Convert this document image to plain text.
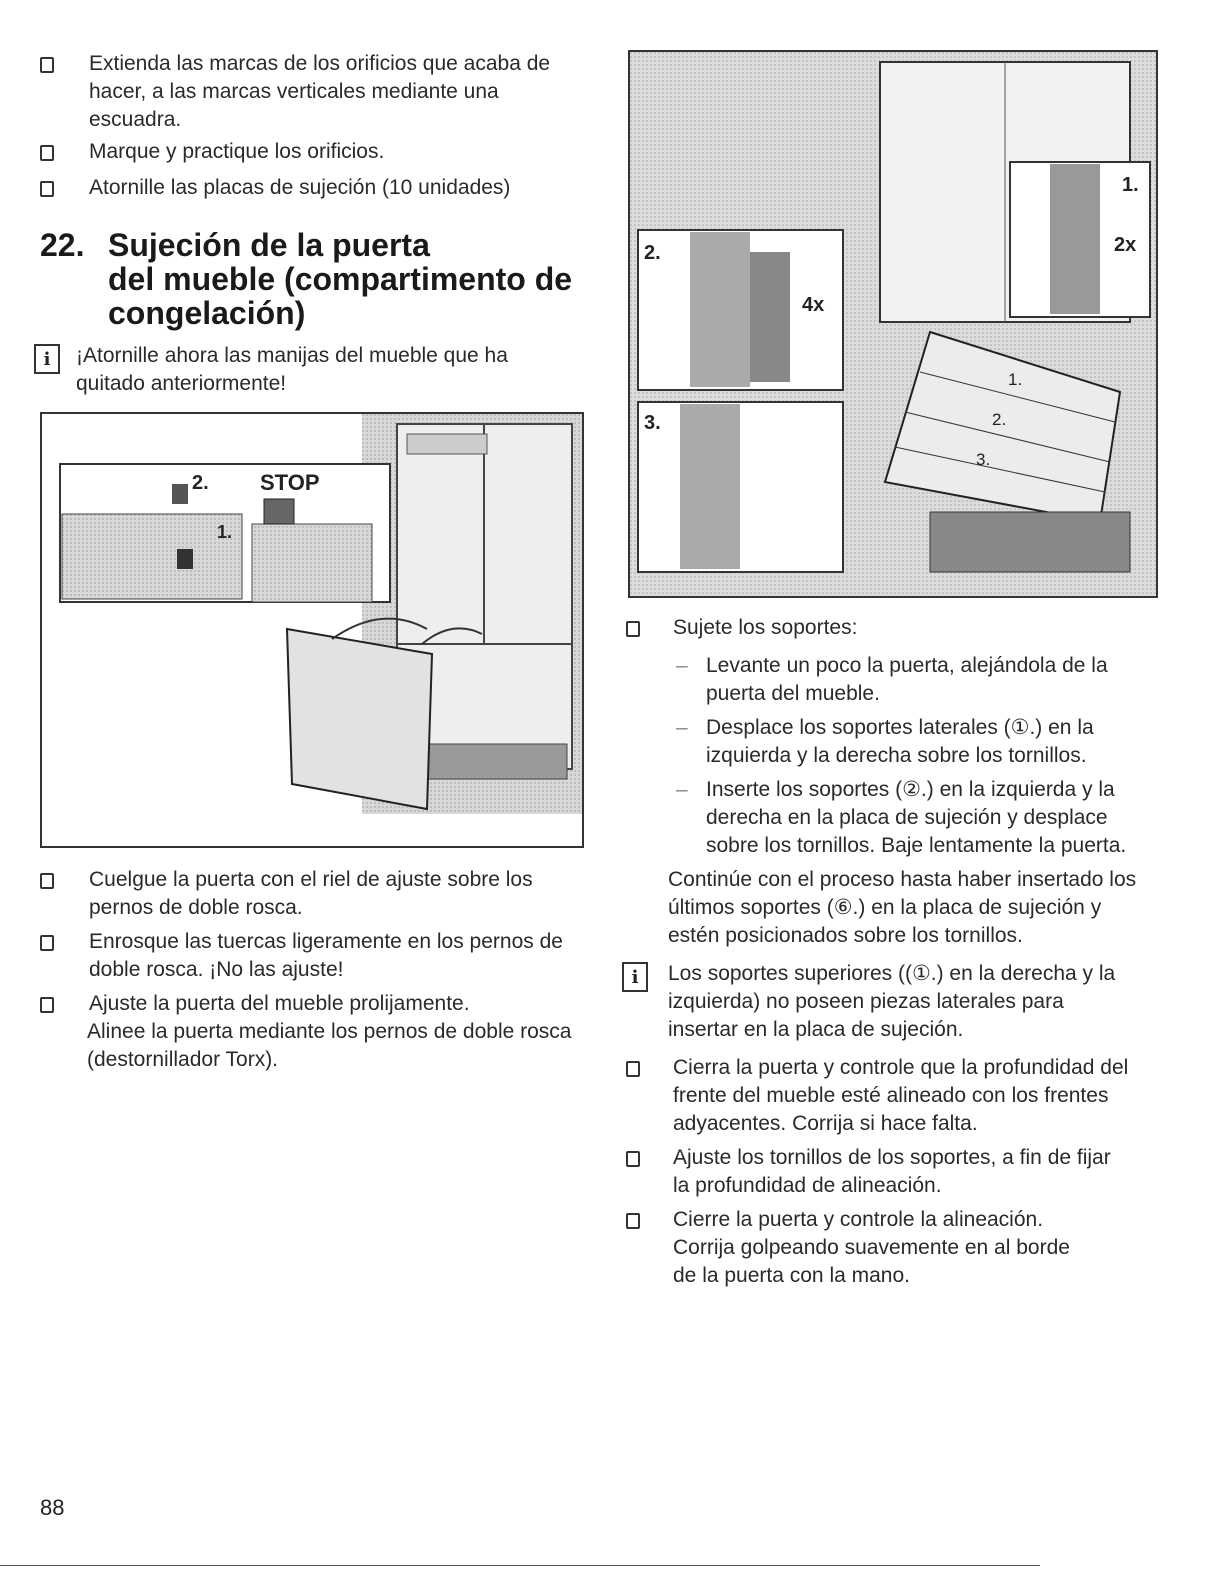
Extienda las marcas de los orificios que acaba de hacer, a las marcas verticales mediante una escuadra.
Marque y practique los orificios.
Atornille las placas de sujeción (10 unidades)
22. Sujeción de la puerta
del mueble (compartimento de
congelación)
i	¡Atornille ahora las manijas del mueble que ha quitado anteriormente!
2. STOP
1.
Cuelgue la puerta con el riel de ajuste sobre los pernos de doble rosca.
Enrosque las tuercas ligeramente en los pernos de doble rosca. ¡No las ajuste!
Ajuste la puerta del mueble prolijamente.
Alinee la puerta mediante los pernos de doble rosca (destornillador Torx).
1.
2x
2.
4x
3.
1.
2.
3.
Sujete los soportes:
– Levante un poco la puerta, alejándola de la puerta del mueble.
– Desplace los soportes laterales (①.) en la izquierda y la derecha sobre los tornillos.
– Inserte los soportes (②.) en la izquierda y la derecha en la placa de sujeción y desplace sobre los tornillos. Baje lentamente la puerta.
Continúe con el proceso hasta haber insertado los últimos soportes (⑥.) en la placa de sujeción y estén posicionados sobre los tornillos.
i	Los soportes superiores ((①.) en la derecha y la izquierda) no poseen piezas laterales para insertar en la placa de sujeción.
Cierra la puerta y controle que la profundidad del frente del mueble esté alineado con los frentes adyacentes. Corrija si hace falta.
Ajuste los tornillos de los soportes, a fin de fijar la profundidad de alineación.
Cierre la puerta y controle la alineación. Corrija golpeando suavemente en al borde de la puerta con la mano.
88
